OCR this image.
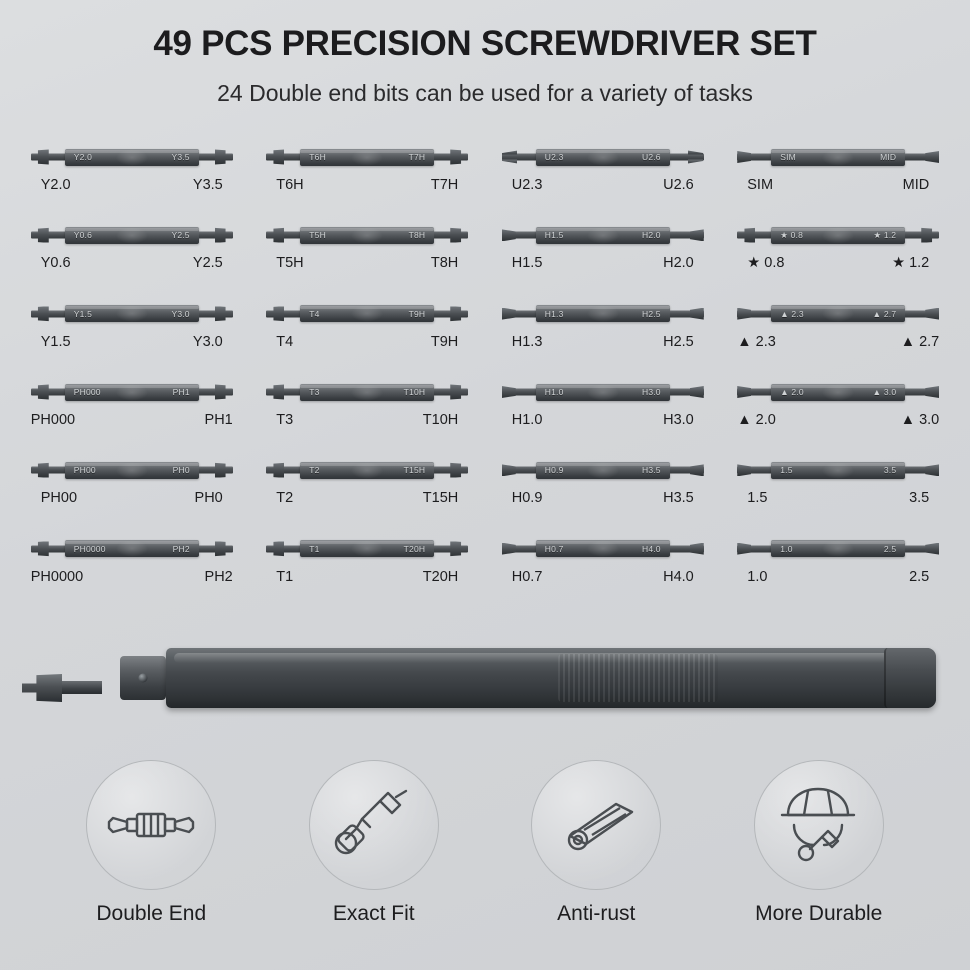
49 PCS PRECISION SCREWDRIVER SET
24 Double end bits can be used for a variety of tasks
Y2.0	Y3.5
Y2.0	Y3.5
T6H	T7H
T6H	T7H
U2.3	U2.6
U2.3	U2.6
SIM	MID
SIM	MID
Y0.6	Y2.5
Y0.6	Y2.5
T5H	T8H
T5H	T8H
H1.5	H2.0
H1.5	H2.0
★ 0.8	★ 1.2
★ 0.8	★ 1.2
Y1.5	Y3.0
Y1.5	Y3.0
T4	T9H
T4	T9H
H1.3	H2.5
H1.3	H2.5
▲ 2.3	▲ 2.7
▲ 2.3	▲ 2.7
PH000	PH1
PH000	PH1
T3	T10H
T3	T10H
H1.0	H3.0
H1.0	H3.0
▲ 2.0	▲ 3.0
▲ 2.0	▲ 3.0
PH00	PH0
PH00	PH0
T2	T15H
T2	T15H
H0.9	H3.5
H0.9	H3.5
1.5	3.5
1.5	3.5
PH0000	PH2
PH0000	PH2
T1	T20H
T1	T20H
H0.7	H4.0
H0.7	H4.0
1.0	2.5
1.0	2.5
Double End	Exact Fit	Anti-rust	More Durable
